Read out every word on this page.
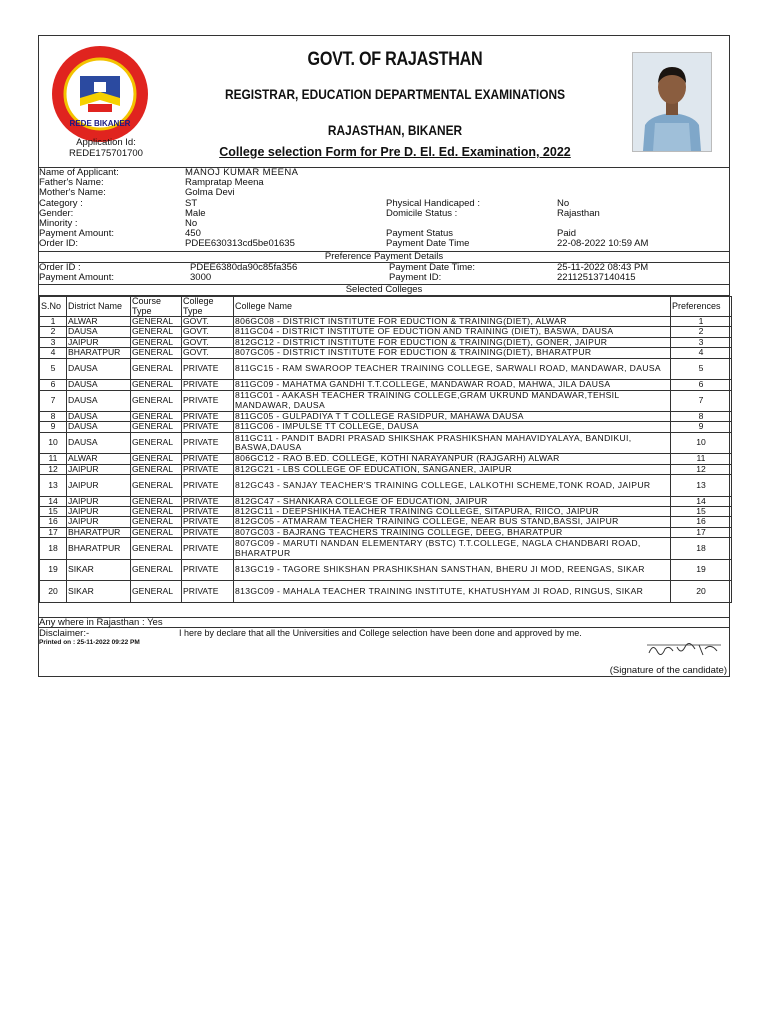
REDE BIKANER
Application Id:
REDE175701700
GOVT. OF RAJASTHAN
REGISTRAR, EDUCATION DEPARTMENTAL EXAMINATIONS
RAJASTHAN, BIKANER
College selection Form for Pre D. El. Ed. Examination, 2022
Name of Applicant:	MANOJ KUMAR MEENA
Father's Name:	Rampratap Meena
Mother's Name:	Golma Devi
Category :	ST	Physical Handicaped :	No
Gender:	Male	Domicile Status :	Rajasthan
Minority :	No
Payment Amount:	450	Payment Status	Paid
Order ID:	PDEE630313cd5be01635	Payment Date Time	22-08-2022 10:59 AM
Preference Payment Details
Order ID :	PDEE6380da90c85fa356	Payment Date Time:	25-11-2022 08:43 PM
Payment Amount:	3000	Payment ID:	221125137140415
Selected Colleges
S.No	District Name	Course Type	College Type	College Name	Preferences
1	ALWAR	GENERAL	GOVT.	806GC08 - DISTRICT INSTITUTE FOR EDUCTION & TRAINING(DIET), ALWAR	1
2	DAUSA	GENERAL	GOVT.	811GC04 - DISTRICT INSTITUTE OF EDUCTION AND TRAINING (DIET), BASWA, DAUSA	2
3	JAIPUR	GENERAL	GOVT.	812GC12 - DISTRICT INSTITUTE FOR EDUCTION & TRAINING(DIET), GONER, JAIPUR	3
4	BHARATPUR	GENERAL	GOVT.	807GC05 - DISTRICT INSTITUTE FOR EDUCTION & TRAINING(DIET), BHARATPUR	4
5	DAUSA	GENERAL	PRIVATE	811GC15 - RAM SWAROOP TEACHER TRAINING COLLEGE, SARWALI ROAD, MANDAWAR, DAUSA	5
6	DAUSA	GENERAL	PRIVATE	811GC09 - MAHATMA GANDHI T.T.COLLEGE, MANDAWAR ROAD, MAHWA, JILA DAUSA	6
7	DAUSA	GENERAL	PRIVATE	811GC01 - AAKASH TEACHER TRAINING COLLEGE,GRAM UKRUND MANDAWAR,TEHSIL MANDAWAR, DAUSA	7
8	DAUSA	GENERAL	PRIVATE	811GC05 - GULPADIYA T T COLLEGE RASIDPUR, MAHAWA DAUSA	8
9	DAUSA	GENERAL	PRIVATE	811GC06 - IMPULSE TT COLLEGE, DAUSA	9
10	DAUSA	GENERAL	PRIVATE	811GC11 - PANDIT BADRI PRASAD SHIKSHAK PRASHIKSHAN MAHAVIDYALAYA, BANDIKUI, BASWA,DAUSA	10
11	ALWAR	GENERAL	PRIVATE	806GC12 - RAO B.ED. COLLEGE, KOTHI NARAYANPUR (RAJGARH) ALWAR	11
12	JAIPUR	GENERAL	PRIVATE	812GC21 - LBS COLLEGE OF EDUCATION, SANGANER, JAIPUR	12
13	JAIPUR	GENERAL	PRIVATE	812GC43 - SANJAY TEACHER'S TRAINING COLLEGE, LALKOTHI SCHEME,TONK ROAD, JAIPUR	13
14	JAIPUR	GENERAL	PRIVATE	812GC47 - SHANKARA COLLEGE OF EDUCATION, JAIPUR	14
15	JAIPUR	GENERAL	PRIVATE	812GC11 - DEEPSHIKHA TEACHER TRAINING COLLEGE, SITAPURA, RIICO, JAIPUR	15
16	JAIPUR	GENERAL	PRIVATE	812GC05 - ATMARAM TEACHER TRAINING COLLEGE, NEAR BUS STAND,BASSI, JAIPUR	16
17	BHARATPUR	GENERAL	PRIVATE	807GC03 - BAJRANG TEACHERS TRAINING COLLEGE, DEEG, BHARATPUR	17
18	BHARATPUR	GENERAL	PRIVATE	807GC09 - MARUTI NANDAN ELEMENTARY (BSTC) T.T.COLLEGE, NAGLA CHANDBARI ROAD, BHARATPUR	18
19	SIKAR	GENERAL	PRIVATE	813GC19 - TAGORE SHIKSHAN PRASHIKSHAN SANSTHAN, BHERU JI MOD, REENGAS, SIKAR	19
20	SIKAR	GENERAL	PRIVATE	813GC09 - MAHALA TEACHER TRAINING INSTITUTE, KHATUSHYAM JI ROAD, RINGUS, SIKAR	20
Any where in Rajasthan : Yes
Disclaimer:-	I here by declare that all the Universities and College selection have been done and approved by me.
Printed on : 25-11-2022 09:22 PM
(Signature of the candidate)
